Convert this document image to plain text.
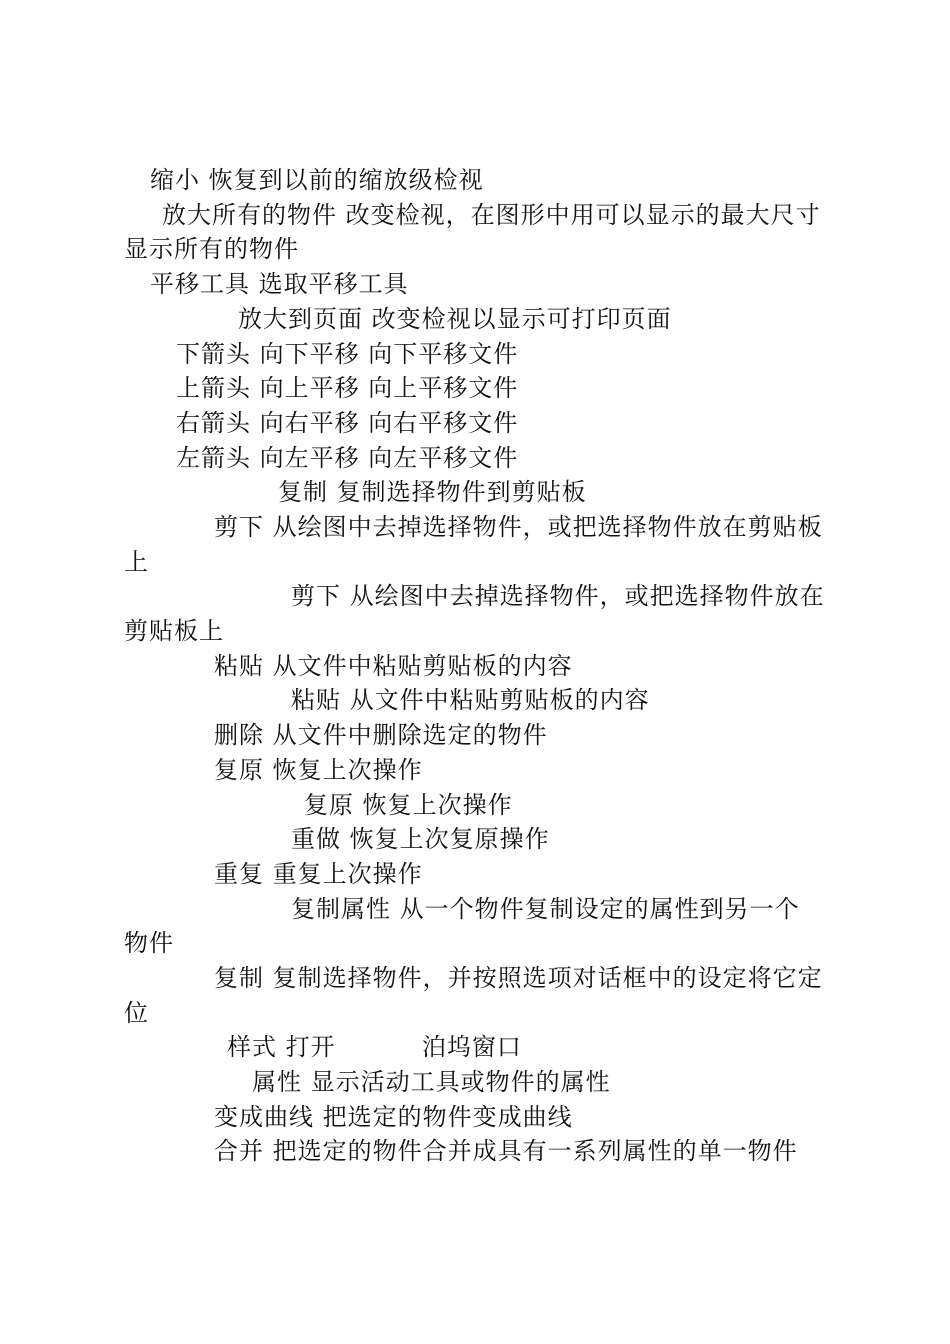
缩小 恢复到以前的缩放级检视
放大所有的物件 改变检视，在图形中用可以显示的最大尺寸
显示所有的物件
平移工具 选取平移工具
放大到页面 改变检视以显示可打印页面
下箭头 向下平移 向下平移文件
上箭头 向上平移 向上平移文件
右箭头 向右平移 向右平移文件
左箭头 向左平移 向左平移文件
复制 复制选择物件到剪贴板
剪下 从绘图中去掉选择物件，或把选择物件放在剪贴板
上
剪下 从绘图中去掉选择物件，或把选择物件放在
剪贴板上
粘贴 从文件中粘贴剪贴板的内容
粘贴 从文件中粘贴剪贴板的内容
删除 从文件中删除选定的物件
复原 恢复上次操作
复原 恢复上次操作
重做 恢复上次复原操作
重复 重复上次操作
复制属性 从一个物件复制设定的属性到另一个
物件
复制 复制选择物件，并按照选项对话框中的设定将它定
位
样式 打开          泊坞窗口
属性 显示活动工具或物件的属性
变成曲线 把选定的物件变成曲线
合并 把选定的物件合并成具有一系列属性的单一物件
